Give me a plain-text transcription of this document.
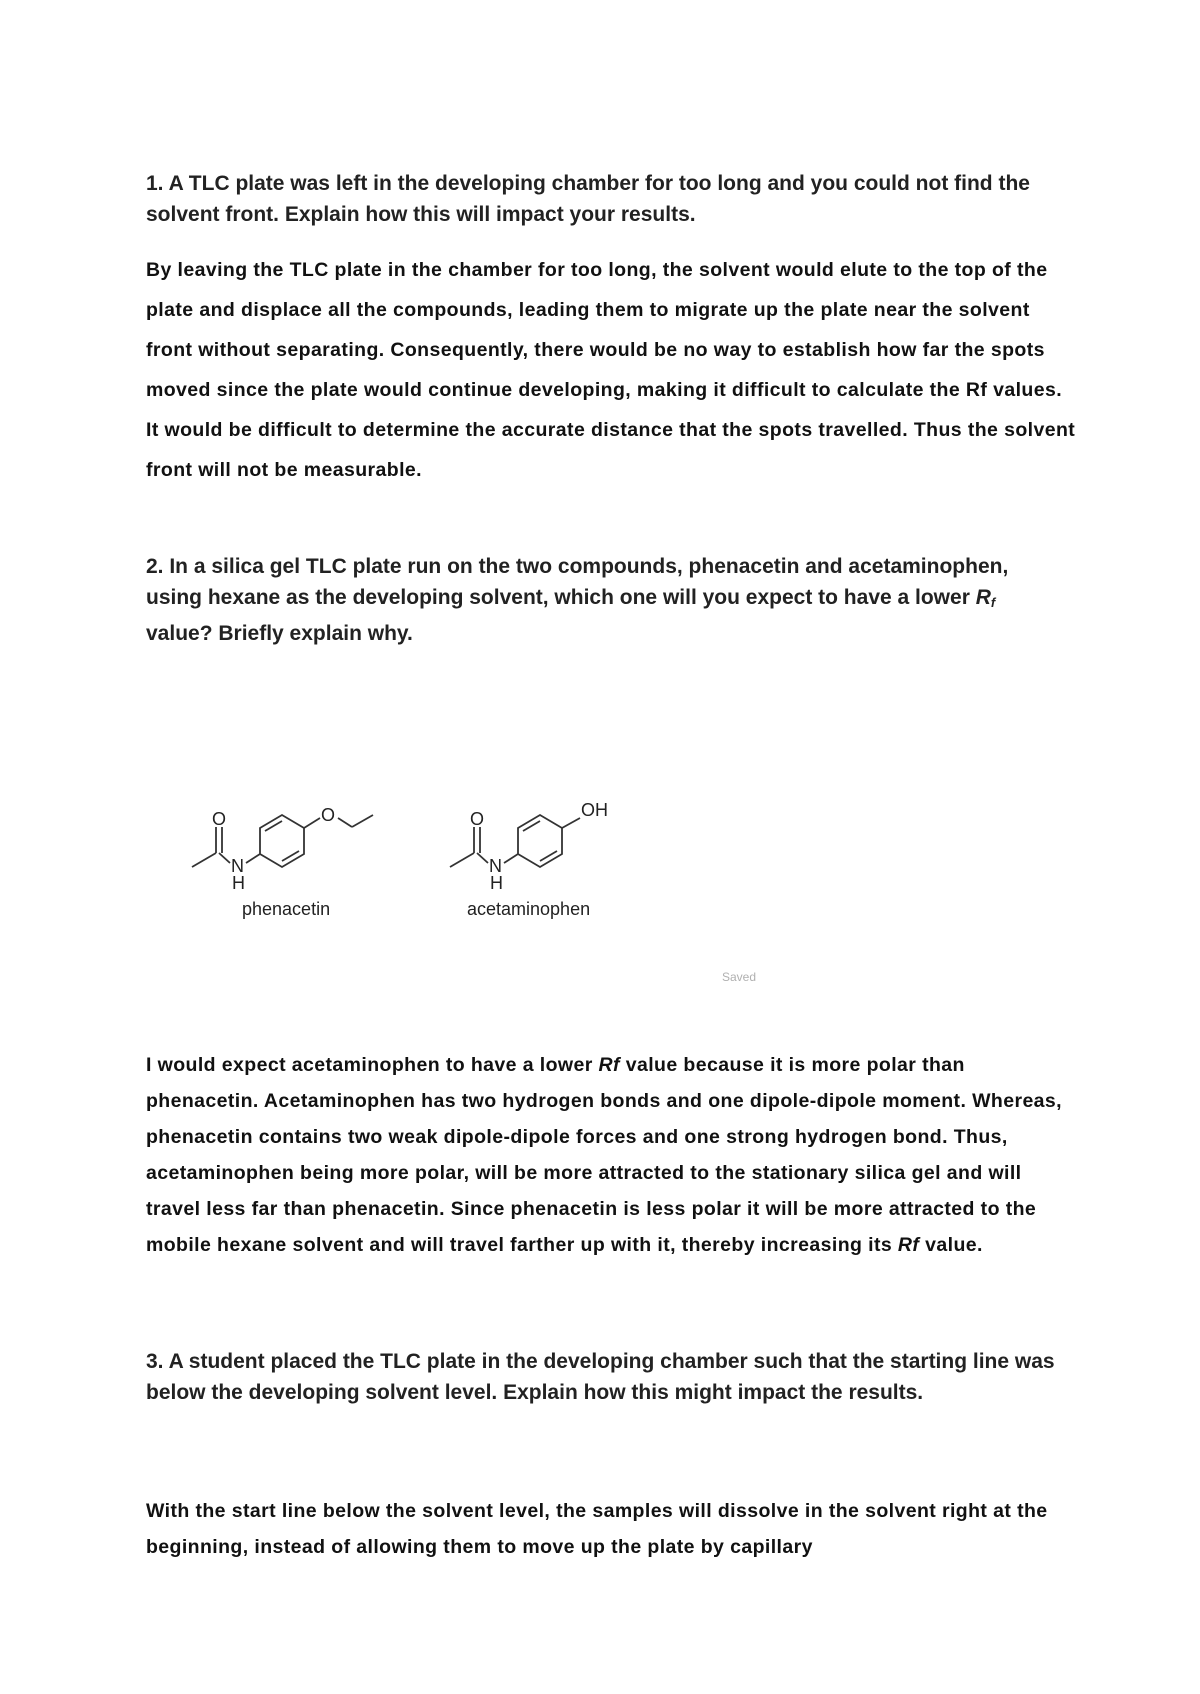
1. A TLC plate was left in the developing chamber for too long and you could not find the solvent front. Explain how this will impact your results.

By leaving the TLC plate in the chamber for too long, the solvent would elute to the top of the plate and displace all the compounds, leading them to migrate up the plate near the solvent front without separating. Consequently, there would be no way to establish how far the spots moved since the plate would continue developing, making it difficult to calculate the Rf values. It would be difficult to determine the accurate distance that the spots travelled. Thus the solvent front will not be measurable.

2. In a silica gel TLC plate run on the two compounds, phenacetin and acetaminophen, using hexane as the developing solvent, which one will you expect to have a lower $R_f$ value? Briefly explain why.

O
N
H
O
phenacetin
O
N
H
OH
acetaminophen
Saved

I would expect acetaminophen to have a lower Rf value because it is more polar than phenacetin. Acetaminophen has two hydrogen bonds and one dipole-dipole moment. Whereas, phenacetin contains two weak dipole-dipole forces and one strong hydrogen bond. Thus, acetaminophen being more polar, will be more attracted to the stationary silica gel and will travel less far than phenacetin. Since phenacetin is less polar it will be more attracted to the mobile hexane solvent and will travel farther up with it, thereby increasing its Rf value.

3. A student placed the TLC plate in the developing chamber such that the starting line was below the developing solvent level. Explain how this might impact the results.

With the start line below the solvent level, the samples will dissolve in the solvent right at the beginning, instead of allowing them to move up the plate by capillary
